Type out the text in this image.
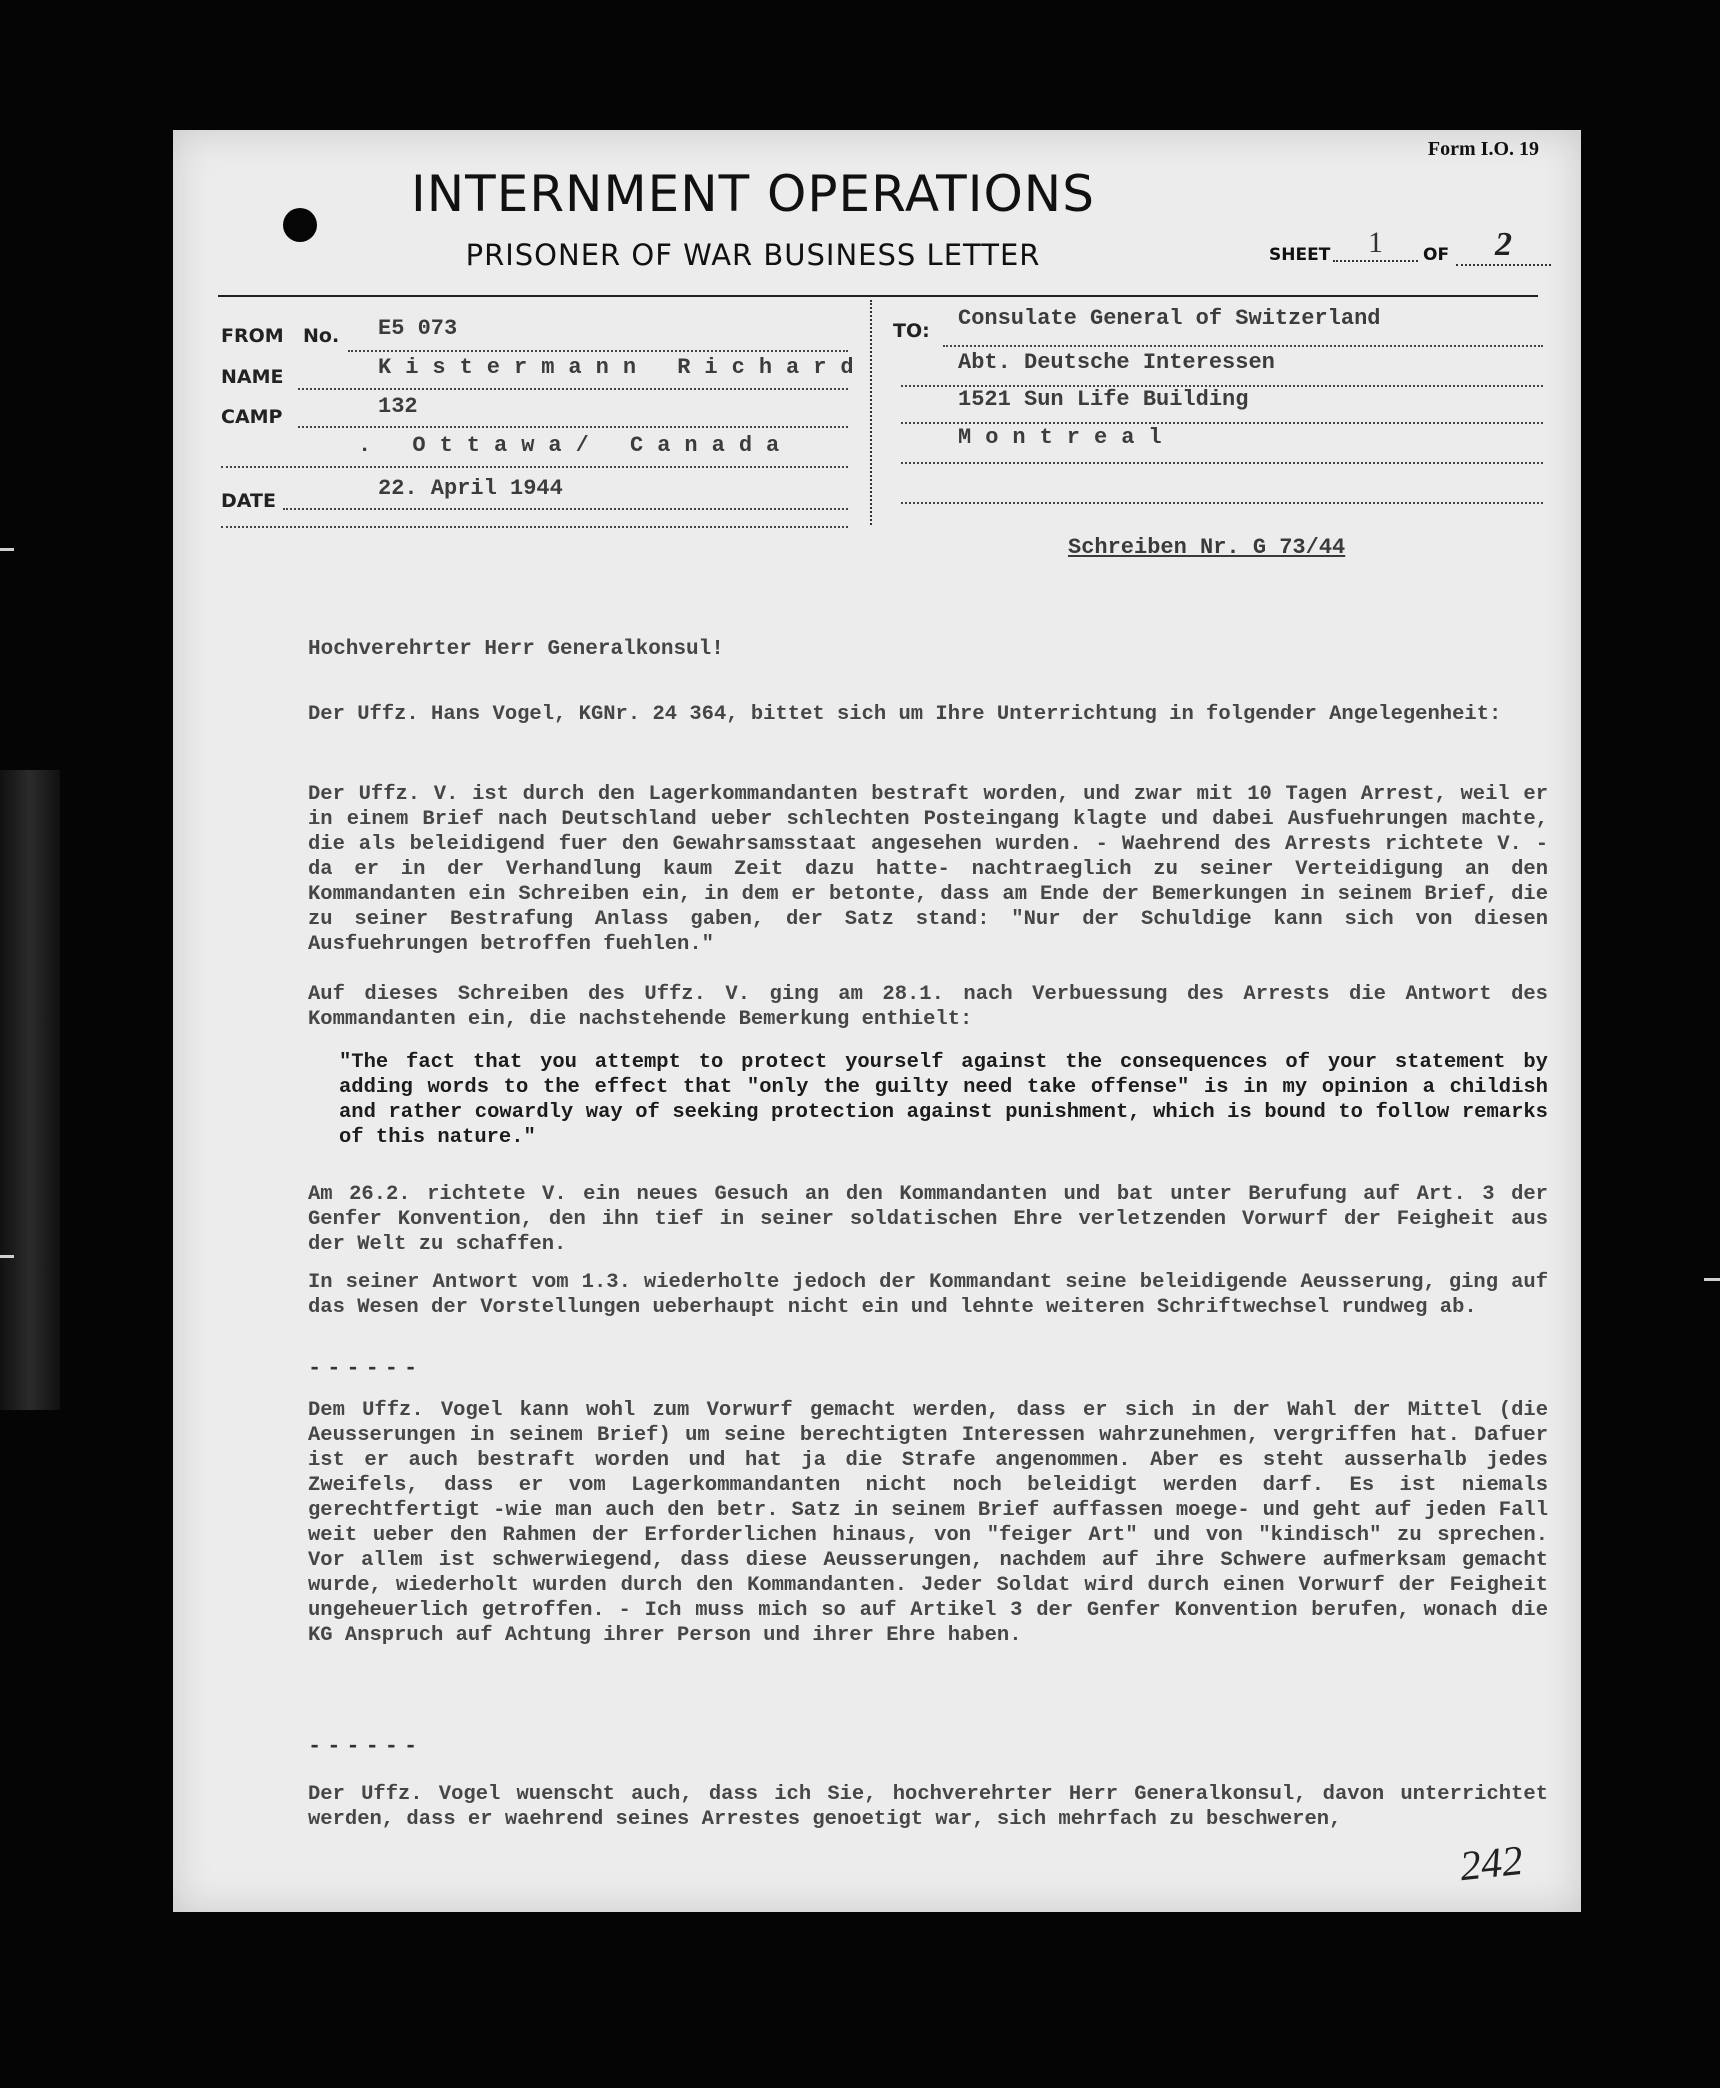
Form I.O. 19
INTERNMENT OPERATIONS
PRISONER OF WAR BUSINESS LETTER	SHEET	1	OF	2
FROM No. E5 073
NAME	Kistermann Richard
CAMP	132
. Ottawa/ Canada
DATE	22. April 1944
TO: Consulate General of Switzerland
Abt. Deutsche Interessen
1521 Sun Life Building
Montreal
Schreiben Nr. G 73/44
Hochverehrter Herr Generalkonsul!

Der Uffz. Hans Vogel, KGNr. 24 364, bittet sich um Ihre Unterrichtung in folgender Angelegenheit:

Der Uffz. V. ist durch den Lagerkommandanten bestraft worden, und zwar mit 10 Tagen Arrest, weil er in einem Brief nach Deutschland ueber schlechten Posteingang klagte und dabei Ausfuehrungen machte, die als beleidigend fuer den Gewahrsamsstaat angesehen wurden. - Waehrend des Arrests richtete V. -da er in der Verhandlung kaum Zeit dazu hatte- nachtraeglich zu seiner Verteidigung an den Kommandanten ein Schreiben ein, in dem er betonte, dass am Ende der Bemerkungen in seinem Brief, die zu seiner Bestrafung Anlass gaben, der Satz stand: "Nur der Schuldige kann sich von diesen Ausfuehrungen betroffen fuehlen."

Auf dieses Schreiben des Uffz. V. ging am 28.1. nach Verbuessung des Arrests die Antwort des Kommandanten ein, die nachstehende Bemerkung enthielt:

"The fact that you attempt to protect yourself against the consequences of your statement by adding words to the effect that "only the guilty need take offense" is in my opinion a childish and rather cowardly way of seeking protection against punishment, which is bound to follow remarks of this nature."

Am 26.2. richtete V. ein neues Gesuch an den Kommandanten und bat unter Berufung auf Art. 3 der Genfer Konvention, den ihn tief in seiner soldatischen Ehre verletzenden Vorwurf der Feigheit aus der Welt zu schaffen.

In seiner Antwort vom 1.3. wiederholte jedoch der Kommandant seine beleidigende Aeusserung, ging auf das Wesen der Vorstellungen ueberhaupt nicht ein und lehnte weiteren Schriftwechsel rundweg ab.

------

Dem Uffz. Vogel kann wohl zum Vorwurf gemacht werden, dass er sich in der Wahl der Mittel (die Aeusserungen in seinem Brief) um seine berechtigten Interessen wahrzunehmen, vergriffen hat. Dafuer ist er auch bestraft worden und hat ja die Strafe angenommen. Aber es steht ausserhalb jedes Zweifels, dass er vom Lagerkommandanten nicht noch beleidigt werden darf. Es ist niemals gerechtfertigt -wie man auch den betr. Satz in seinem Brief auffassen moege- und geht auf jeden Fall weit ueber den Rahmen der Erforderlichen hinaus, von "feiger Art" und von "kindisch" zu sprechen. Vor allem ist schwerwiegend, dass diese Aeusserungen, nachdem auf ihre Schwere aufmerksam gemacht wurde, wiederholt wurden durch den Kommandanten. Jeder Soldat wird durch einen Vorwurf der Feigheit ungeheuerlich getroffen. - Ich muss mich so auf Artikel 3 der Genfer Konvention berufen, wonach die KG Anspruch auf Achtung ihrer Person und ihrer Ehre haben.

------

Der Uffz. Vogel wuenscht auch, dass ich Sie, hochverehrter Herr Generalkonsul, davon unterrichtet werden, dass er waehrend seines Arrestes genoetigt war, sich mehrfach zu beschweren,

242
